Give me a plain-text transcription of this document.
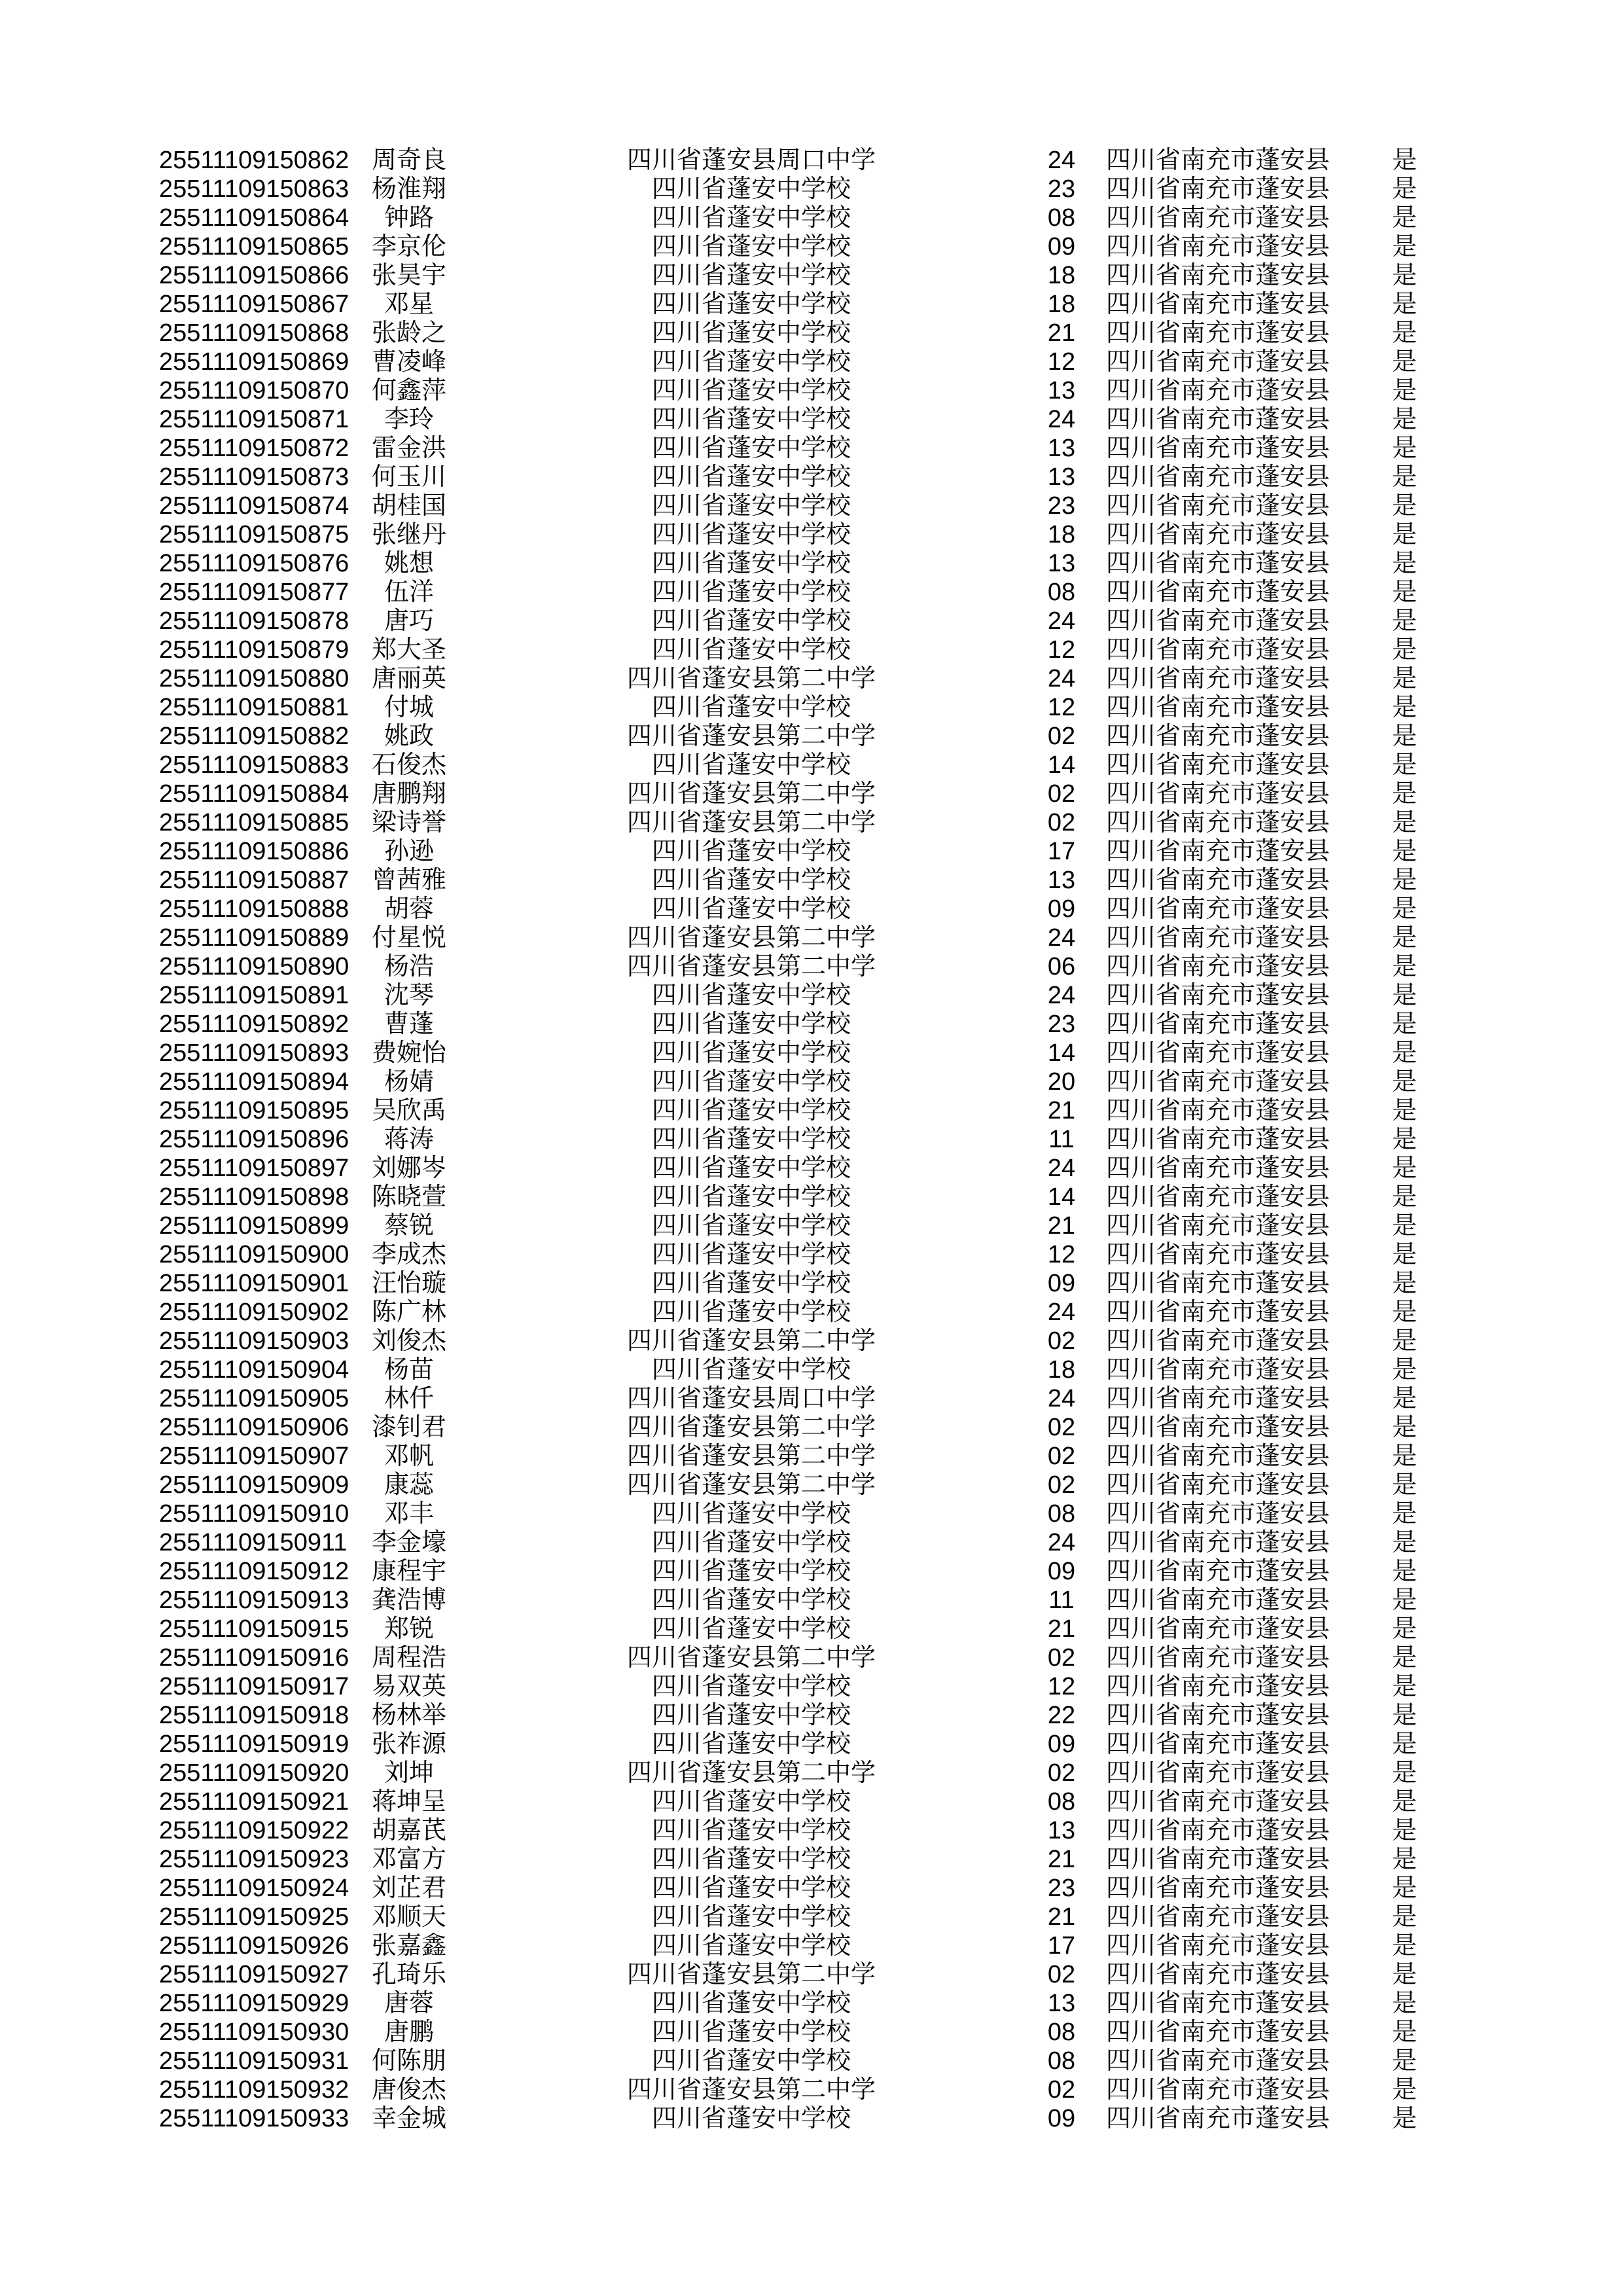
25511109150862 周奇良	四川省蓬安县周口中学	24	四川省南充市蓬安县	是
25511109150863 杨淮翔	四川省蓬安中学校	23	四川省南充市蓬安县	是
25511109150864	钟路	四川省蓬安中学校	08	四川省南充市蓬安县	是
25511109150865 李京伦	四川省蓬安中学校	09	四川省南充市蓬安县	是
25511109150866 张昊宇	四川省蓬安中学校	18	四川省南充市蓬安县	是
25511109150867	邓星	四川省蓬安中学校	18	四川省南充市蓬安县	是
25511109150868 张龄之	四川省蓬安中学校	21	四川省南充市蓬安县	是
25511109150869 曹凌峰	四川省蓬安中学校	12	四川省南充市蓬安县	是
25511109150870 何鑫萍	四川省蓬安中学校	13	四川省南充市蓬安县	是
25511109150871	李玲	四川省蓬安中学校	24	四川省南充市蓬安县	是
25511109150872 雷金洪	四川省蓬安中学校	13	四川省南充市蓬安县	是
25511109150873 何玉川	四川省蓬安中学校	13	四川省南充市蓬安县	是
25511109150874 胡桂国	四川省蓬安中学校	23	四川省南充市蓬安县	是
25511109150875 张继丹	四川省蓬安中学校	18	四川省南充市蓬安县	是
25511109150876	姚想	四川省蓬安中学校	13	四川省南充市蓬安县	是
25511109150877	伍洋	四川省蓬安中学校	08	四川省南充市蓬安县	是
25511109150878	唐巧	四川省蓬安中学校	24	四川省南充市蓬安县	是
25511109150879 郑大圣	四川省蓬安中学校	12	四川省南充市蓬安县	是
25511109150880 唐丽英	四川省蓬安县第二中学	24	四川省南充市蓬安县	是
25511109150881	付城	四川省蓬安中学校	12	四川省南充市蓬安县	是
25511109150882	姚政	四川省蓬安县第二中学	02	四川省南充市蓬安县	是
25511109150883 石俊杰	四川省蓬安中学校	14	四川省南充市蓬安县	是
25511109150884 唐鹏翔	四川省蓬安县第二中学	02	四川省南充市蓬安县	是
25511109150885 梁诗誉	四川省蓬安县第二中学	02	四川省南充市蓬安县	是
25511109150886	孙逊	四川省蓬安中学校	17	四川省南充市蓬安县	是
25511109150887 曾茜雅	四川省蓬安中学校	13	四川省南充市蓬安县	是
25511109150888	胡蓉	四川省蓬安中学校	09	四川省南充市蓬安县	是
25511109150889 付星悦	四川省蓬安县第二中学	24	四川省南充市蓬安县	是
25511109150890	杨浩	四川省蓬安县第二中学	06	四川省南充市蓬安县	是
25511109150891	沈琴	四川省蓬安中学校	24	四川省南充市蓬安县	是
25511109150892	曹蓬	四川省蓬安中学校	23	四川省南充市蓬安县	是
25511109150893 费婉怡	四川省蓬安中学校	14	四川省南充市蓬安县	是
25511109150894	杨婧	四川省蓬安中学校	20	四川省南充市蓬安县	是
25511109150895 吴欣禹	四川省蓬安中学校	21	四川省南充市蓬安县	是
25511109150896	蒋涛	四川省蓬安中学校	11	四川省南充市蓬安县	是
25511109150897 刘娜岑	四川省蓬安中学校	24	四川省南充市蓬安县	是
25511109150898 陈晓萱	四川省蓬安中学校	14	四川省南充市蓬安县	是
25511109150899	蔡锐	四川省蓬安中学校	21	四川省南充市蓬安县	是
25511109150900 李成杰	四川省蓬安中学校	12	四川省南充市蓬安县	是
25511109150901 汪怡璇	四川省蓬安中学校	09	四川省南充市蓬安县	是
25511109150902 陈广林	四川省蓬安中学校	24	四川省南充市蓬安县	是
25511109150903 刘俊杰	四川省蓬安县第二中学	02	四川省南充市蓬安县	是
25511109150904	杨苗	四川省蓬安中学校	18	四川省南充市蓬安县	是
25511109150905	林仟	四川省蓬安县周口中学	24	四川省南充市蓬安县	是
25511109150906 漆钊君	四川省蓬安县第二中学	02	四川省南充市蓬安县	是
25511109150907	邓帆	四川省蓬安县第二中学	02	四川省南充市蓬安县	是
25511109150909	康蕊	四川省蓬安县第二中学	02	四川省南充市蓬安县	是
25511109150910	邓丰	四川省蓬安中学校	08	四川省南充市蓬安县	是
25511109150911 李金壕	四川省蓬安中学校	24	四川省南充市蓬安县	是
25511109150912 康程宇	四川省蓬安中学校	09	四川省南充市蓬安县	是
25511109150913 龚浩博	四川省蓬安中学校	11	四川省南充市蓬安县	是
25511109150915	郑锐	四川省蓬安中学校	21	四川省南充市蓬安县	是
25511109150916 周程浩	四川省蓬安县第二中学	02	四川省南充市蓬安县	是
25511109150917 易双英	四川省蓬安中学校	12	四川省南充市蓬安县	是
25511109150918 杨林举	四川省蓬安中学校	22	四川省南充市蓬安县	是
25511109150919 张祚源	四川省蓬安中学校	09	四川省南充市蓬安县	是
25511109150920	刘坤	四川省蓬安县第二中学	02	四川省南充市蓬安县	是
25511109150921 蒋坤呈	四川省蓬安中学校	08	四川省南充市蓬安县	是
25511109150922 胡嘉芪	四川省蓬安中学校	13	四川省南充市蓬安县	是
25511109150923 邓富方	四川省蓬安中学校	21	四川省南充市蓬安县	是
25511109150924 刘芷君	四川省蓬安中学校	23	四川省南充市蓬安县	是
25511109150925 邓顺天	四川省蓬安中学校	21	四川省南充市蓬安县	是
25511109150926 张嘉鑫	四川省蓬安中学校	17	四川省南充市蓬安县	是
25511109150927 孔琦乐	四川省蓬安县第二中学	02	四川省南充市蓬安县	是
25511109150929	唐蓉	四川省蓬安中学校	13	四川省南充市蓬安县	是
25511109150930	唐鹏	四川省蓬安中学校	08	四川省南充市蓬安县	是
25511109150931 何陈朋	四川省蓬安中学校	08	四川省南充市蓬安县	是
25511109150932 唐俊杰	四川省蓬安县第二中学	02	四川省南充市蓬安县	是
25511109150933 幸金城	四川省蓬安中学校	09	四川省南充市蓬安县	是
